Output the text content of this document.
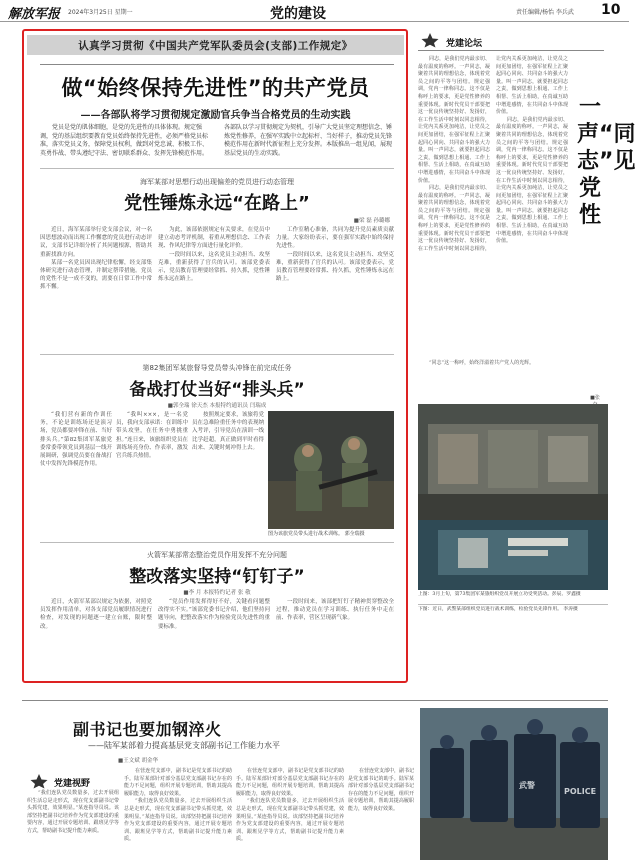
解放军报 2024年3月25日 星期一	党的建设	责任编辑/杨怡 李兵武 10
认真学习贯彻《中国共产党军队委员会(支部)工作规定》
做“始终保持先进性”的共产党员
——各部队将学习贯彻规定激励官兵争当合格党员的生动实践
党员是党的肌体细胞，是党的先进性的具体体现。规定强调，党的基层组织要教育党员始终保持先进性，必须严格党员标准，落实党员义务，保障党员权利，做到对党忠诚、积极工作、英勇作战、带头遵纪守法、密切联系群众、发挥先锋模范作用。各部队以学习贯彻规定为契机，引导广大党员坚定理想信念、锤炼党性修养，在强军实践中立起标杆、当好样子，推动党员先锋模范作用在新时代新征程上充分发挥。本版推出一组见闻，展现基层党员的生动实践。
海军某部对思想行动出现偏差的党员进行动态管理
党性锤炼永远“在路上”
■梁 磊 孙璐娜

近日，海军某部举行党支部会议，对一名因思想波动而出现工作懈怠的党员进行动态评议，支部书记详细分析了其问题根源，帮助其重新找准方向。

某部一名党员因出现纪律松懈，经支部集体研究进行动态管理，并制定帮带措施。党员的党性不是一成不变的，需要在日常工作中常抓不懈。

为此，该部依据规定有关要求，在党员中建立动态考评机制，着重从理想信念、工作表现、作风纪律等方面进行量化评价。

一段时间以来，这名党员主动担当、攻坚克难，重新获得了官兵的认可。该部党委表示，党员教育管理要经常抓、持久抓，党性锤炼永远在路上。

工作室精心准备，共同为提升党员素质贡献力量。大家纷纷表示，要在强军实践中始终保持先进性。

一段时间以来，这名党员主动担当、攻坚克难，重新获得了官兵的认可。该部党委表示，党员教育管理要经常抓、持久抓，党性锤炼永远在路上。

第82集团军某旅督导党员带头冲锋在前完成任务
备战打仗当好“排头兵”
■郭全瑞 徐天杰 本报特约通讯员 闫瑞成

“我们营有新的作训任务，不论是训练场还是演习场，党员都要冲锋在前、当好排头兵。”第82集团军某旅党委常委带领党员到基层一线开展调研，强调党员要在备战打仗中发挥先锋模范作用。

“我叫×××，是一名党员，我向支部承诺：在训练中带头攻坚，在任务中勇挑重担。”连日来，该旅组织党员在训练场亮身份、作表率，激发官兵练兵热情。

按照规定要求，该旅将党员在急难险重任务中的表现纳入考评，引导党员在演训一线比学赶超，真正做到平时看得出来、关键时刻冲得上去。

图为该旅党员带头进行战术训练。 郭全瑞摄
火箭军某部常态整治党员作用发挥不充分问题
整改落实坚持“钉钉子”
■李 月 本报特约记者 张 敬

近日，火箭军某部以规定为依据，对照党员发挥作用清单，对各支部党员履职情况进行检查，对发现的问题逐一建立台账，限时整改。

“党员作用发挥得好不好，关键看问题整改得实不实。”该部党委书记介绍，他们坚持问题导向，把整改落实作为检验党员先进性的重要标准。

一段时间来，该部把钉钉子精神贯穿整改全过程，推动党员在学习训练、执行任务中走在前、作表率，营区呈现新气象。

党建论坛

同志，是我们党内最亲切、最有温度的称呼。一声同志，凝聚着共同的理想信念，体现着党员之间的平等与团结。规定强调，党内一律称同志。这不仅是称呼上的要求，更是党性修养的重要体现。新时代党员干部要把这一优良传统坚持好、发扬好，在工作生活中时刻以同志相待，让党内关系更加纯洁，让党员之间更加团结，在强军征程上汇聚起同心同向、共同奋斗的强大力量。叫一声同志，就要担起同志之责，做到思想上相通、工作上相帮、生活上相助，在真诚互助中增进感情，在共同奋斗中体现价值。

同志，是我们党内最亲切、最有温度的称呼。一声同志，凝聚着共同的理想信念，体现着党员之间的平等与团结。规定强调，党内一律称同志。这不仅是称呼上的要求，更是党性修养的重要体现。新时代党员干部要把这一优良传统坚持好、发扬好，在工作生活中时刻以同志相待，让党内关系更加纯洁，让党员之间更加团结，在强军征程上汇聚起同心同向、共同奋斗的强大力量。叫一声同志，就要担起同志之责，做到思想上相通、工作上相帮、生活上相助，在真诚互助中增进感情，在共同奋斗中体现价值。

同志，是我们党内最亲切、最有温度的称呼。一声同志，凝聚着共同的理想信念，体现着党员之间的平等与团结。规定强调，党内一律称同志。这不仅是称呼上的要求，更是党性修养的重要体现。新时代党员干部要把这一优良传统坚持好、发扬好，在工作生活中时刻以同志相待，让党内关系更加纯洁，让党员之间更加团结，在强军征程上汇聚起同心同向、共同奋斗的强大力量。叫一声同志，就要担起同志之责，做到思想上相通、工作上相帮、生活上相助，在真诚互助中增进感情，在共同奋斗中体现价值。

一声“同志”见党性
■张

“同志”这一称呼，始终洋溢着共产党人的光辉。

上图：3月上旬，第73集团军某旅组织党员开展立功受奖活动。彭辰、罗鑫摄
下图：近日，武警某部组织党员进行战术训练，检验党员先锋作用。 李涛摄
副书记也要加钢淬火
——陆军某部着力提高基层党支部副书记工作能力水平
■王文斌 胡金华
党建视野

“我们连队党员数量多，过去开展组织生活总是走形式，现在党支部副书记带头抓党建，效果明显。”某连指导员说。该部坚持把副书记培养作为党支部建设的重要内容，通过开展专题培训、跟班见学等方式，帮助副书记提升能力素质。

在营连党支部中，副书记是党支部书记的助手。陆军某部针对部分基层党支部副书记存在的能力不足问题，组织开展专题培训，帮助其提高履职能力，取得良好效果。

“我们连队党员数量多，过去开展组织生活总是走形式，现在党支部副书记带头抓党建，效果明显。”某连指导员说。该部坚持把副书记培养作为党支部建设的重要内容，通过开展专题培训、跟班见学等方式，帮助副书记提升能力素质。

在营连党支部中，副书记是党支部书记的助手。陆军某部针对部分基层党支部副书记存在的能力不足问题，组织开展专题培训，帮助其提高履职能力，取得良好效果。

“我们连队党员数量多，过去开展组织生活总是走形式，现在党支部副书记带头抓党建，效果明显。”某连指导员说。该部坚持把副书记培养作为党支部建设的重要内容，通过开展专题培训、跟班见学等方式，帮助副书记提升能力素质。

在营连党支部中，副书记是党支部书记的助手。陆军某部针对部分基层党支部副书记存在的能力不足问题，组织开展专题培训，帮助其提高履职能力，取得良好效果。

武警
POLICE
